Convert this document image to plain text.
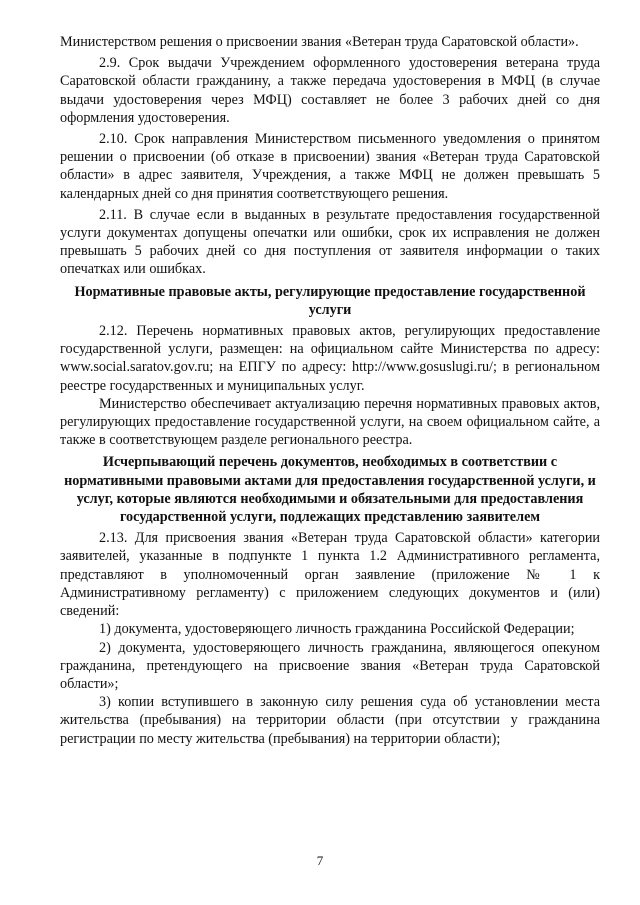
Министерством решения о присвоении звания «Ветеран труда Саратовской области».

2.9. Срок выдачи Учреждением оформленного удостоверения ветерана труда Саратовской области гражданину, а также передача удостоверения в МФЦ (в случае выдачи удостоверения через МФЦ) составляет не более 3 рабочих дней со дня оформления удостоверения.

2.10. Срок направления Министерством письменного уведомления о принятом решении о присвоении (об отказе в присвоении) звания «Ветеран труда Саратовской области» в адрес заявителя, Учреждения, а также МФЦ не должен превышать 5 календарных дней со дня принятия соответствующего решения.

2.11. В случае если в выданных в результате предоставления государственной услуги документах допущены опечатки или ошибки, срок их исправления не должен превышать 5 рабочих дней со дня поступления от заявителя информации о таких опечатках или ошибках.

Нормативные правовые акты, регулирующие предоставление государственной услуги

2.12. Перечень нормативных правовых актов, регулирующих предоставление государственной услуги, размещен: на официальном сайте Министерства по адресу: www.social.saratov.gov.ru; на ЕПГУ по адресу: http://www.gosuslugi.ru/; в региональном реестре государственных и муниципальных услуг.

Министерство обеспечивает актуализацию перечня нормативных правовых актов, регулирующих предоставление государственной услуги, на своем официальном сайте, а также в соответствующем разделе регионального реестра.

Исчерпывающий перечень документов, необходимых в соответствии с нормативными правовыми актами для предоставления государственной услуги, и услуг, которые являются необходимыми и обязательными для предоставления государственной услуги, подлежащих представлению заявителем

2.13. Для присвоения звания «Ветеран труда Саратовской области» категории заявителей, указанные в подпункте 1 пункта 1.2 Административного регламента, представляют в уполномоченный орган заявление (приложение № 1 к Административному регламенту) с приложением следующих документов и (или) сведений:

1) документа, удостоверяющего личность гражданина Российской Федерации;

2) документа, удостоверяющего личность гражданина, являющегося опекуном гражданина, претендующего на присвоение звания «Ветеран труда Саратовской области»;

3) копии вступившего в законную силу решения суда об установлении места жительства (пребывания) на территории области (при отсутствии у гражданина регистрации по месту жительства (пребывания) на территории области);

7
